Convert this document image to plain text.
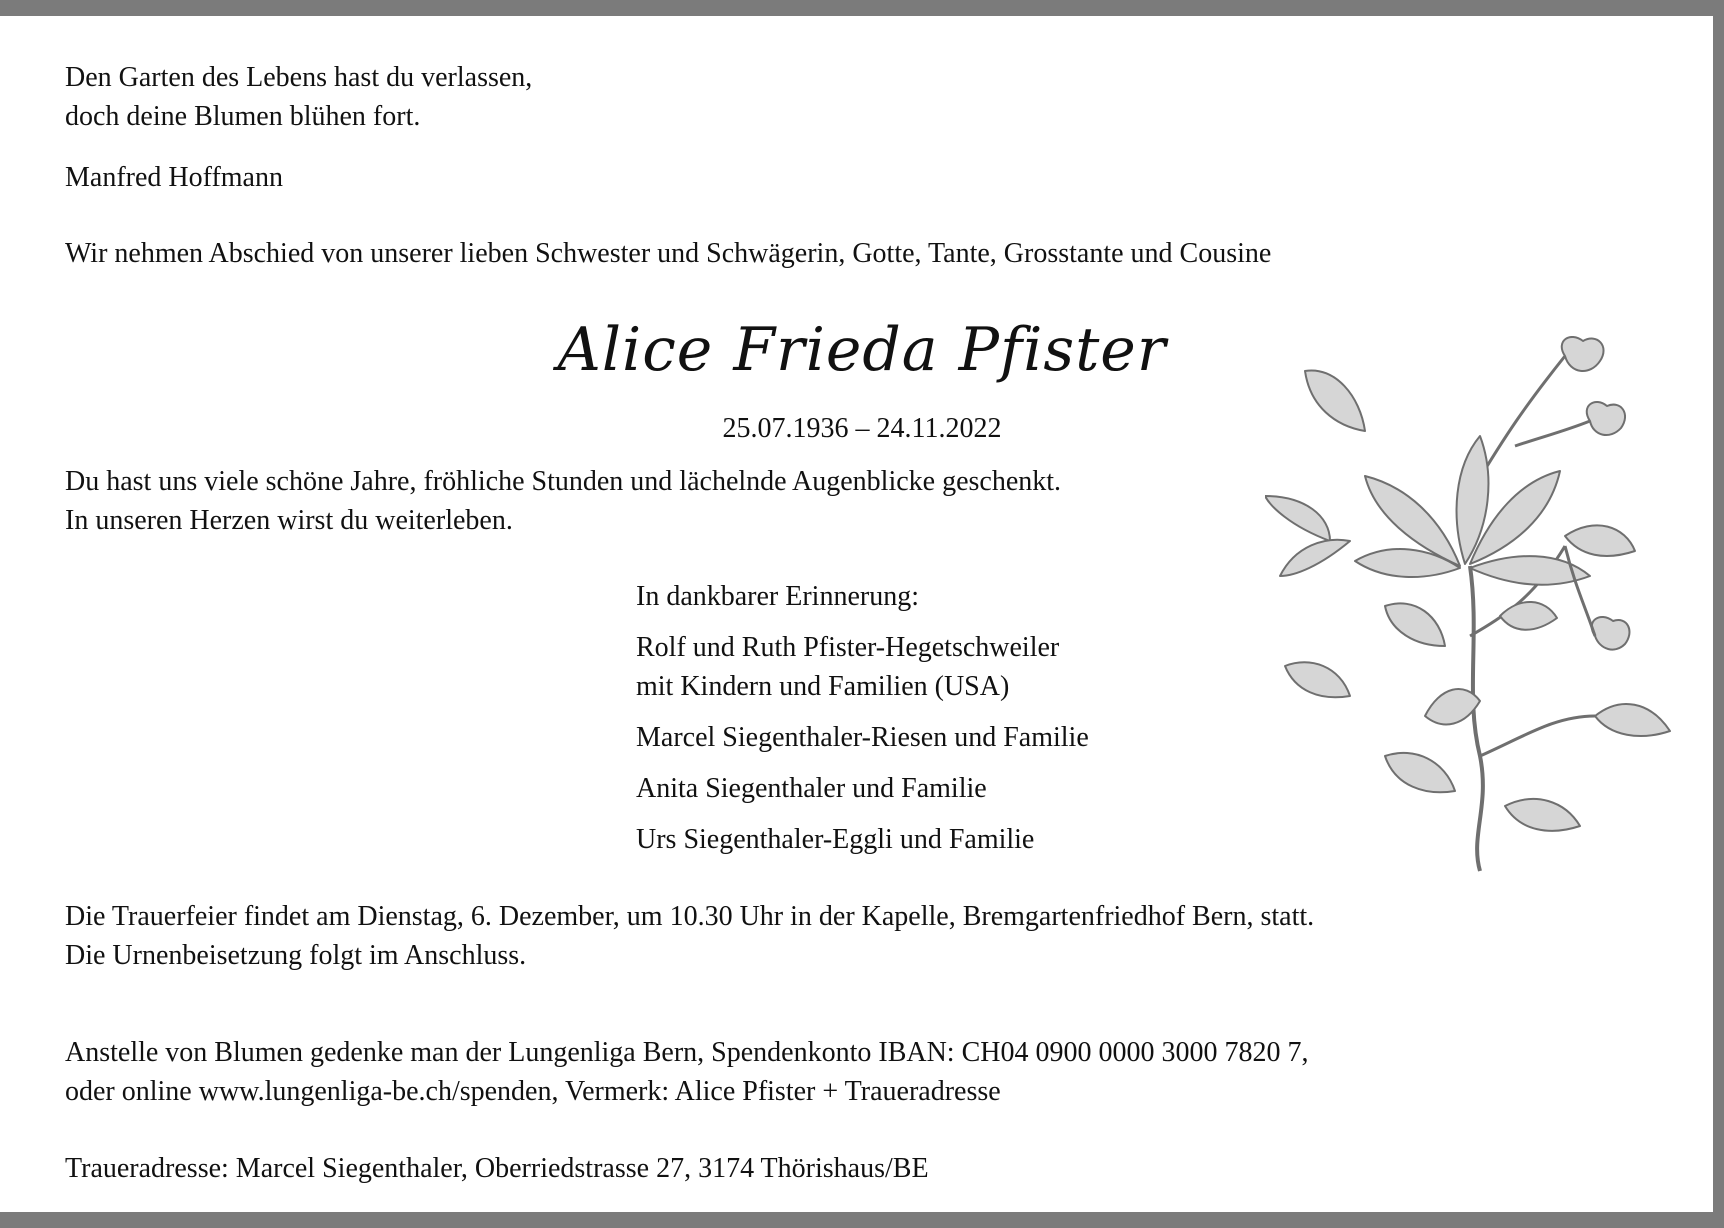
Den Garten des Lebens hast du verlassen,

doch deine Blumen blühen fort.

Manfred Hoffmann

Wir nehmen Abschied von unserer lieben Schwester und Schwägerin, Gotte, Tante, Grosstante und Cousine

Alice Frieda Pfister
25.07.1936 – 24.11.2022

Du hast uns viele schöne Jahre, fröhliche Stunden und lächelnde Augenblicke geschenkt.

In unseren Herzen wirst du weiterleben.

In dankbarer Erinnerung:

Rolf und Ruth Pfister-Hegetschweiler

mit Kindern und Familien (USA)

Marcel Siegenthaler-Riesen und Familie

Anita Siegenthaler und Familie

Urs Siegenthaler-Eggli und Familie

Die Trauerfeier findet am Dienstag, 6. Dezember, um 10.30 Uhr in der Kapelle, Bremgartenfriedhof Bern, statt.

Die Urnenbeisetzung folgt im Anschluss.

Anstelle von Blumen gedenke man der Lungenliga Bern, Spendenkonto IBAN: CH04 0900 0000 3000 7820 7,

oder online www.lungenliga-be.ch/spenden, Vermerk: Alice Pfister + Traueradresse

Traueradresse: Marcel Siegenthaler, Oberriedstrasse 27, 3174 Thörishaus/BE
